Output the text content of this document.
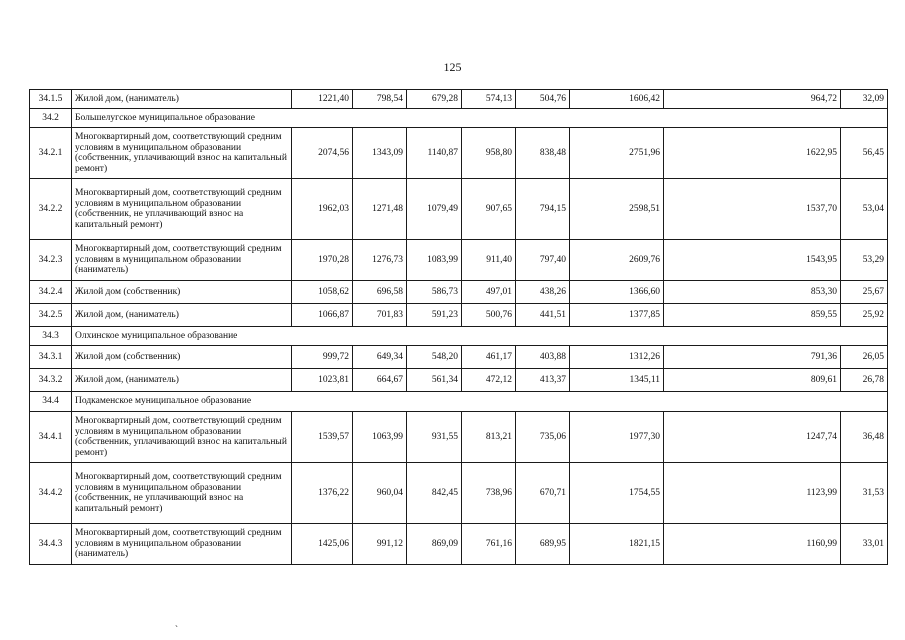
125
34.1.5	Жилой дом, (наниматель)	1221,40	798,54	679,28	574,13	504,76	1606,42	964,72	32,09
34.2	Большелугское муниципальное образование								
34.2.1	Многоквартирный дом, соответствующий средним условиям в муниципальном образовании (собственник, уплачивающий взнос на капитальный ремонт)	2074,56	1343,09	1140,87	958,80	838,48	2751,96	1622,95	56,45
34.2.2	Многоквартирный дом, соответствующий средним условиям в муниципальном образовании (собственник, не уплачивающий взнос на капитальный ремонт)	1962,03	1271,48	1079,49	907,65	794,15	2598,51	1537,70	53,04
34.2.3	Многоквартирный дом, соответствующий средним условиям в муниципальном образовании (наниматель)	1970,28	1276,73	1083,99	911,40	797,40	2609,76	1543,95	53,29
34.2.4	Жилой дом (собственник)	1058,62	696,58	586,73	497,01	438,26	1366,60	853,30	25,67
34.2.5	Жилой дом, (наниматель)	1066,87	701,83	591,23	500,76	441,51	1377,85	859,55	25,92
34.3	Олхинское муниципальное образование								
34.3.1	Жилой дом (собственник)	999,72	649,34	548,20	461,17	403,88	1312,26	791,36	26,05
34.3.2	Жилой дом, (наниматель)	1023,81	664,67	561,34	472,12	413,37	1345,11	809,61	26,78
34.4	Подкаменское муниципальное образование								
34.4.1	Многоквартирный дом, соответствующий средним условиям в муниципальном образовании (собственник, уплачивающий взнос на капитальный ремонт)	1539,57	1063,99	931,55	813,21	735,06	1977,30	1247,74	36,48
34.4.2	Многоквартирный дом, соответствующий средним условиям в муниципальном образовании (собственник, не уплачивающий взнос на капитальный ремонт)	1376,22	960,04	842,45	738,96	670,71	1754,55	1123,99	31,53
34.4.3	Многоквартирный дом, соответствующий средним условиям в муниципальном образовании (наниматель)	1425,06	991,12	869,09	761,16	689,95	1821,15	1160,99	33,01
